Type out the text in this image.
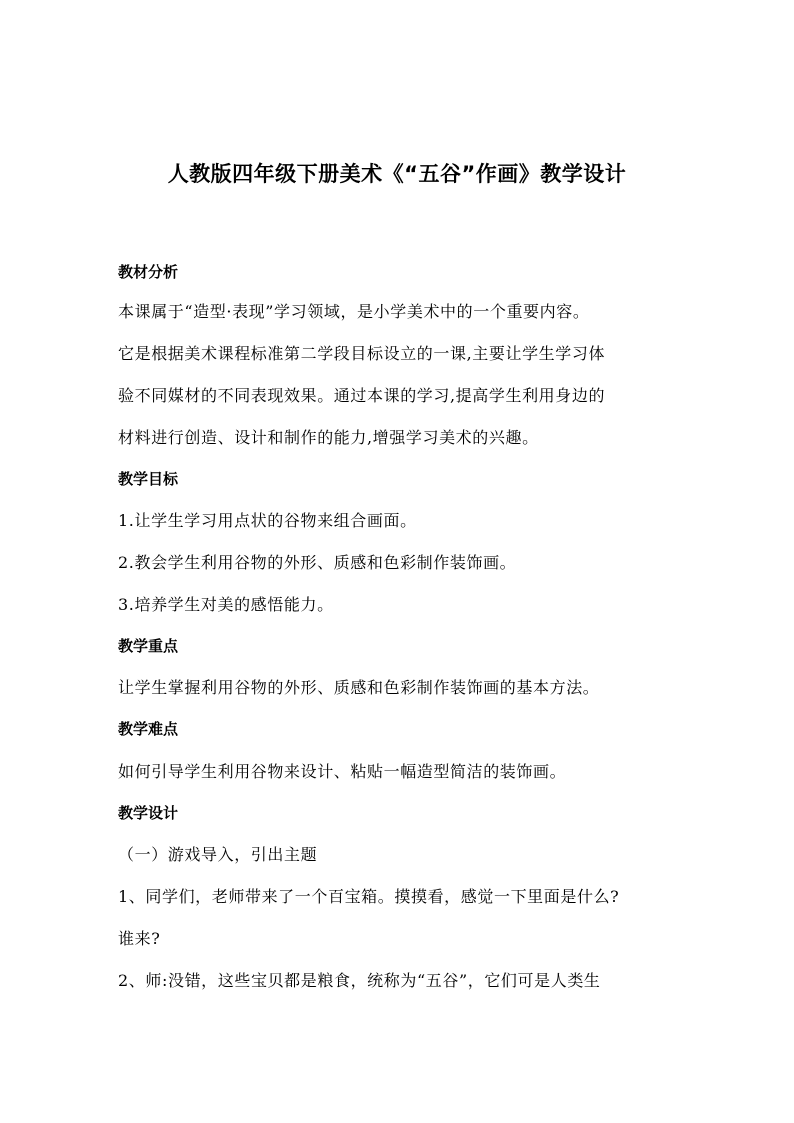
人教版四年级下册美术《“五谷”作画》教学设计
教材分析
本课属于“造型·表现”学习领域，是小学美术中的一个重要内容。
它是根据美术课程标准第二学段目标设立的一课,主要让学生学习体
验不同媒材的不同表现效果。通过本课的学习,提高学生利用身边的
材料进行创造、设计和制作的能力,增强学习美术的兴趣。
教学目标
1.让学生学习用点状的谷物来组合画面。
2.教会学生利用谷物的外形、质感和色彩制作装饰画。
3.培养学生对美的感悟能力。
教学重点
让学生掌握利用谷物的外形、质感和色彩制作装饰画的基本方法。
教学难点
如何引导学生利用谷物来设计、粘贴一幅造型简洁的装饰画。
教学设计
（一）游戏导入，引出主题
1、同学们，老师带来了一个百宝箱。摸摸看，感觉一下里面是什么?
谁来?
2、师:没错，这些宝贝都是粮食，统称为“五谷”，它们可是人类生
